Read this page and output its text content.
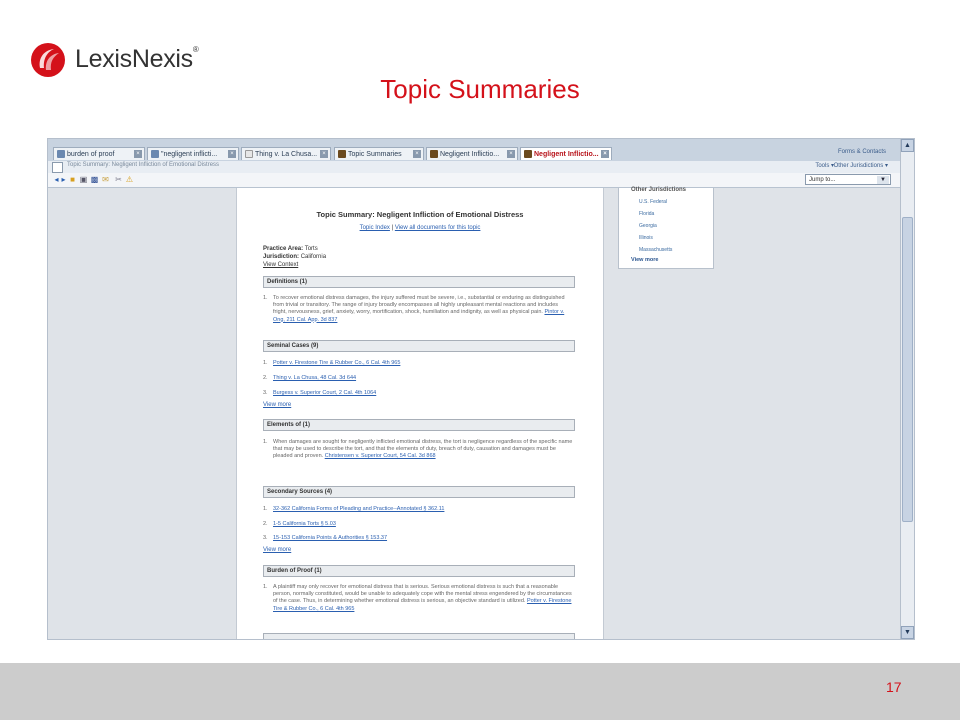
LexisNexis®
Topic Summaries
burden of proof	×	"negligent inflicti...	×	Thing v. La Chusa... ×	Topic Summaries	×	Negligent Inflictio...	×	Negligent Inflictio... ×	Forms & Contacts
Topic Summary: Negligent Infliction of Emotional Distress	Tools ▾ Other Jurisdictions ▾
◂ ▸ ■ ▣ ▩ ✉ ✂ ⚠	Jump to...	▼
Other Jurisdictions
U.S. Federal
Florida
Georgia
Illinois
Massachusetts
View more
Topic Summary: Negligent Infliction of Emotional Distress
Topic Index | View all documents for this topic
Practice Area: Torts
Jurisdiction: California
View Context
Definitions (1)
1. To recover emotional distress damages, the injury suffered must be severe, i.e., substantial or enduring as distinguished from trivial or transitory. The range of injury broadly encompasses all highly unpleasant mental reactions and includes fright, nervousness, grief, anxiety, worry, mortification, shock, humiliation and indignity, as well as physical pain. Pintor v. Ong, 211 Cal. App. 3d 837
Seminal Cases (9)
1. Potter v. Firestone Tire & Rubber Co., 6 Cal. 4th 965
2. Thing v. La Chusa, 48 Cal. 3d 644
3. Burgess v. Superior Court, 2 Cal. 4th 1064
View more
Elements of (1)
1. When damages are sought for negligently inflicted emotional distress, the tort is negligence regardless of the specific name that may be used to describe the tort, and that the elements of duty, breach of duty, causation and damages must be pleaded and proven. Christensen v. Superior Court, 54 Cal. 3d 868
Secondary Sources (4)
1. 32-362 California Forms of Pleading and Practice--Annotated § 362.11
2. 1-5 California Torts § 5.03
3. 15-153 California Points & Authorities § 153.37
View more
Burden of Proof (1)
1. A plaintiff may only recover for emotional distress that is serious. Serious emotional distress is such that a reasonable person, normally constituted, would be unable to adequately cope with the mental stress engendered by the circumstances of the case. Thus, in determining whether emotional distress is serious, an objective standard is utilized. Potter v. Firestone Tire & Rubber Co., 6 Cal. 4th 965
▲
▼
17
